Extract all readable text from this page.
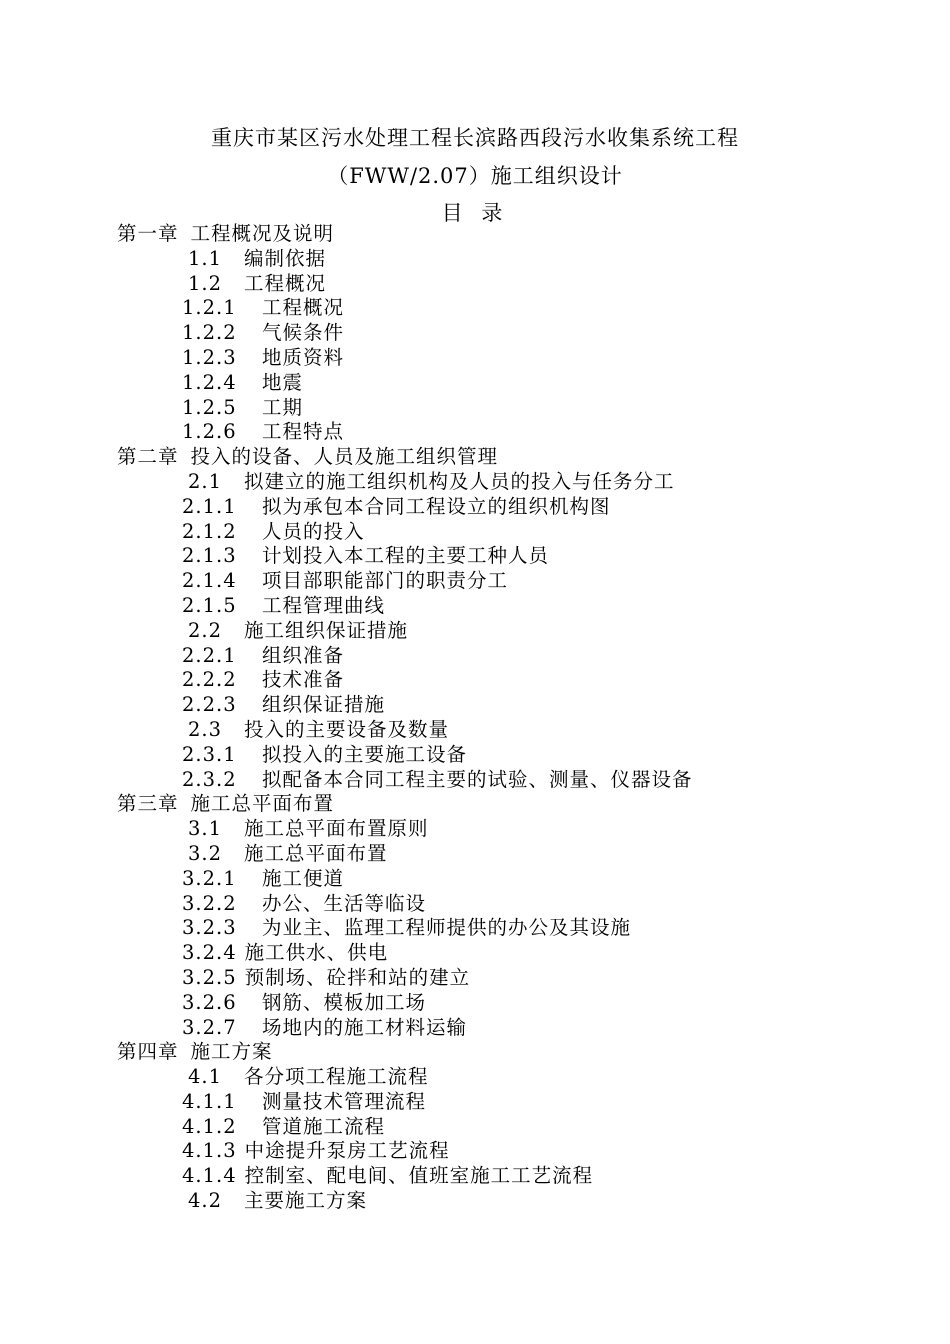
重庆市某区污水处理工程长滨路西段污水收集系统工程
（FWW/2.07）施工组织设计
目 录
第一章 工程概况及说明
1.1 编制依据
1.2 工程概况
1.2.1 工程概况
1.2.2 气候条件
1.2.3 地质资料
1.2.4 地震
1.2.5 工期
1.2.6 工程特点
第二章 投入的设备、人员及施工组织管理
2.1 拟建立的施工组织机构及人员的投入与任务分工
2.1.1 拟为承包本合同工程设立的组织机构图
2.1.2 人员的投入
2.1.3 计划投入本工程的主要工种人员
2.1.4 项目部职能部门的职责分工
2.1.5 工程管理曲线
2.2 施工组织保证措施
2.2.1 组织准备
2.2.2 技术准备
2.2.3 组织保证措施
2.3 投入的主要设备及数量
2.3.1 拟投入的主要施工设备
2.3.2 拟配备本合同工程主要的试验、测量、仪器设备
第三章 施工总平面布置
3.1 施工总平面布置原则
3.2 施工总平面布置
3.2.1 施工便道
3.2.2 办公、生活等临设
3.2.3 为业主、监理工程师提供的办公及其设施
3.2.4 施工供水、供电
3.2.5 预制场、砼拌和站的建立
3.2.6 钢筋、模板加工场
3.2.7 场地内的施工材料运输
第四章 施工方案
4.1 各分项工程施工流程
4.1.1 测量技术管理流程
4.1.2 管道施工流程
4.1.3 中途提升泵房工艺流程
4.1.4 控制室、配电间、值班室施工工艺流程
4.2 主要施工方案
